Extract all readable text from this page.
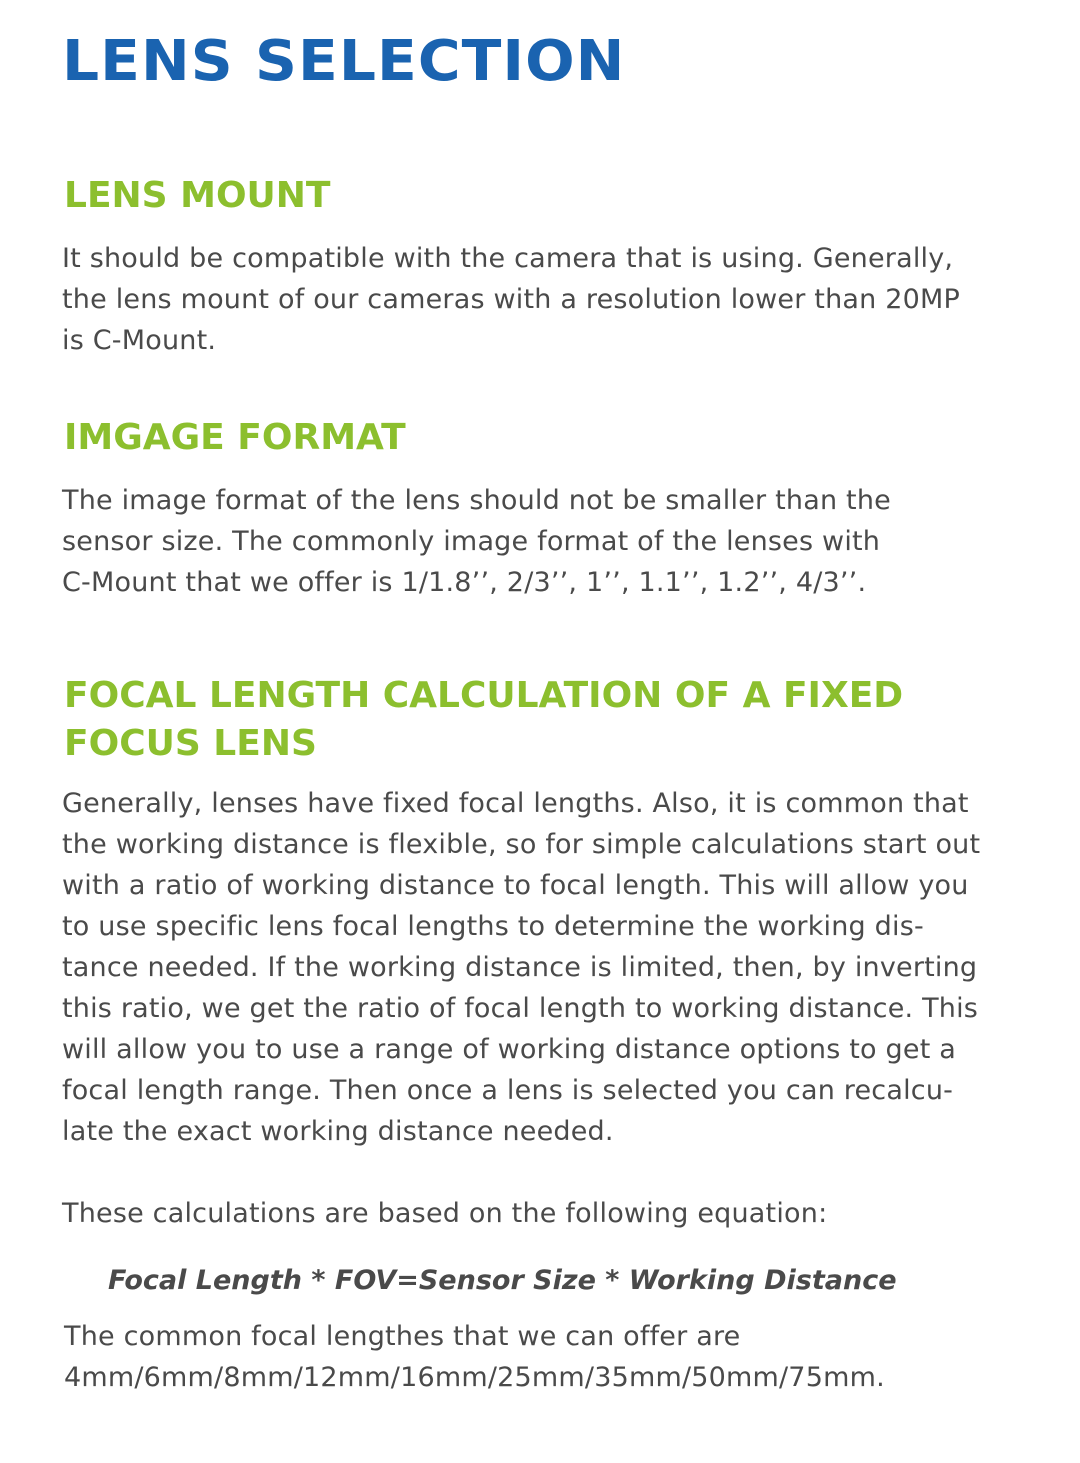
LENS SELECTION
LENS MOUNT

It should be compatible with the camera that is using. Generally,
the lens mount of our cameras with a resolution lower than 20MP
is C-Mount.

IMGAGE FORMAT

The image format of the lens should not be smaller than the
sensor size. The commonly image format of the lenses with
C-Mount that we offer is 1/1.8’’, 2/3’’, 1’’, 1.1’’, 1.2’’, 4/3’’.

FOCAL LENGTH CALCULATION OF A FIXED
FOCUS LENS

Generally, lenses have fixed focal lengths. Also, it is common that
the working distance is flexible, so for simple calculations start out
with a ratio of working distance to focal length. This will allow you
to use specific lens focal lengths to determine the working dis-
tance needed. If the working distance is limited, then, by inverting
this ratio, we get the ratio of focal length to working distance. This
will allow you to use a range of working distance options to get a
focal length range. Then once a lens is selected you can recalcu-
late the exact working distance needed.

These calculations are based on the following equation:

Focal Length * FOV=Sensor Size * Working Distance

The common focal lengthes that we can offer are
4mm/6mm/8mm/12mm/16mm/25mm/35mm/50mm/75mm.
